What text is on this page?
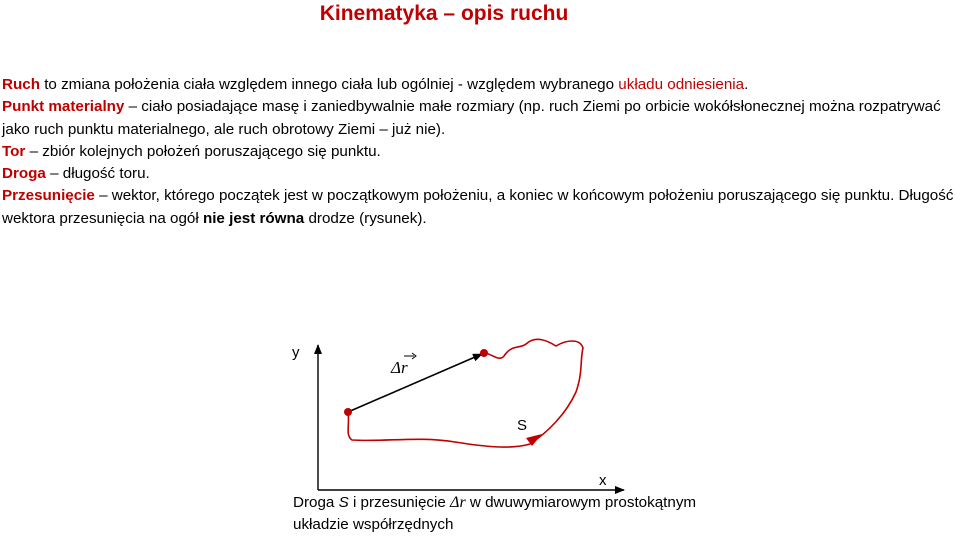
Kinematyka – opis ruchu

Ruch to zmiana położenia ciała względem innego ciała lub ogólniej - względem wybranego układu odniesienia.

Punkt materialny – ciało posiadające masę i zaniedbywalnie małe rozmiary (np. ruch Ziemi po orbicie wokółsłonecznej można rozpatrywać jako ruch punktu materialnego, ale ruch obrotowy Ziemi – już nie).

Tor – zbiór kolejnych położeń poruszającego się punktu.

Droga – długość toru.

Przesunięcie – wektor, którego początek jest w początkowym położeniu, a koniec w końcowym położeniu poruszającego się punktu. Długość wektora przesunięcia na ogół nie jest równa drodze (rysunek).

y
x
Δr
S
Droga S i przesunięcie Δr w dwuwymiarowym prostokątnym układzie współrzędnych
